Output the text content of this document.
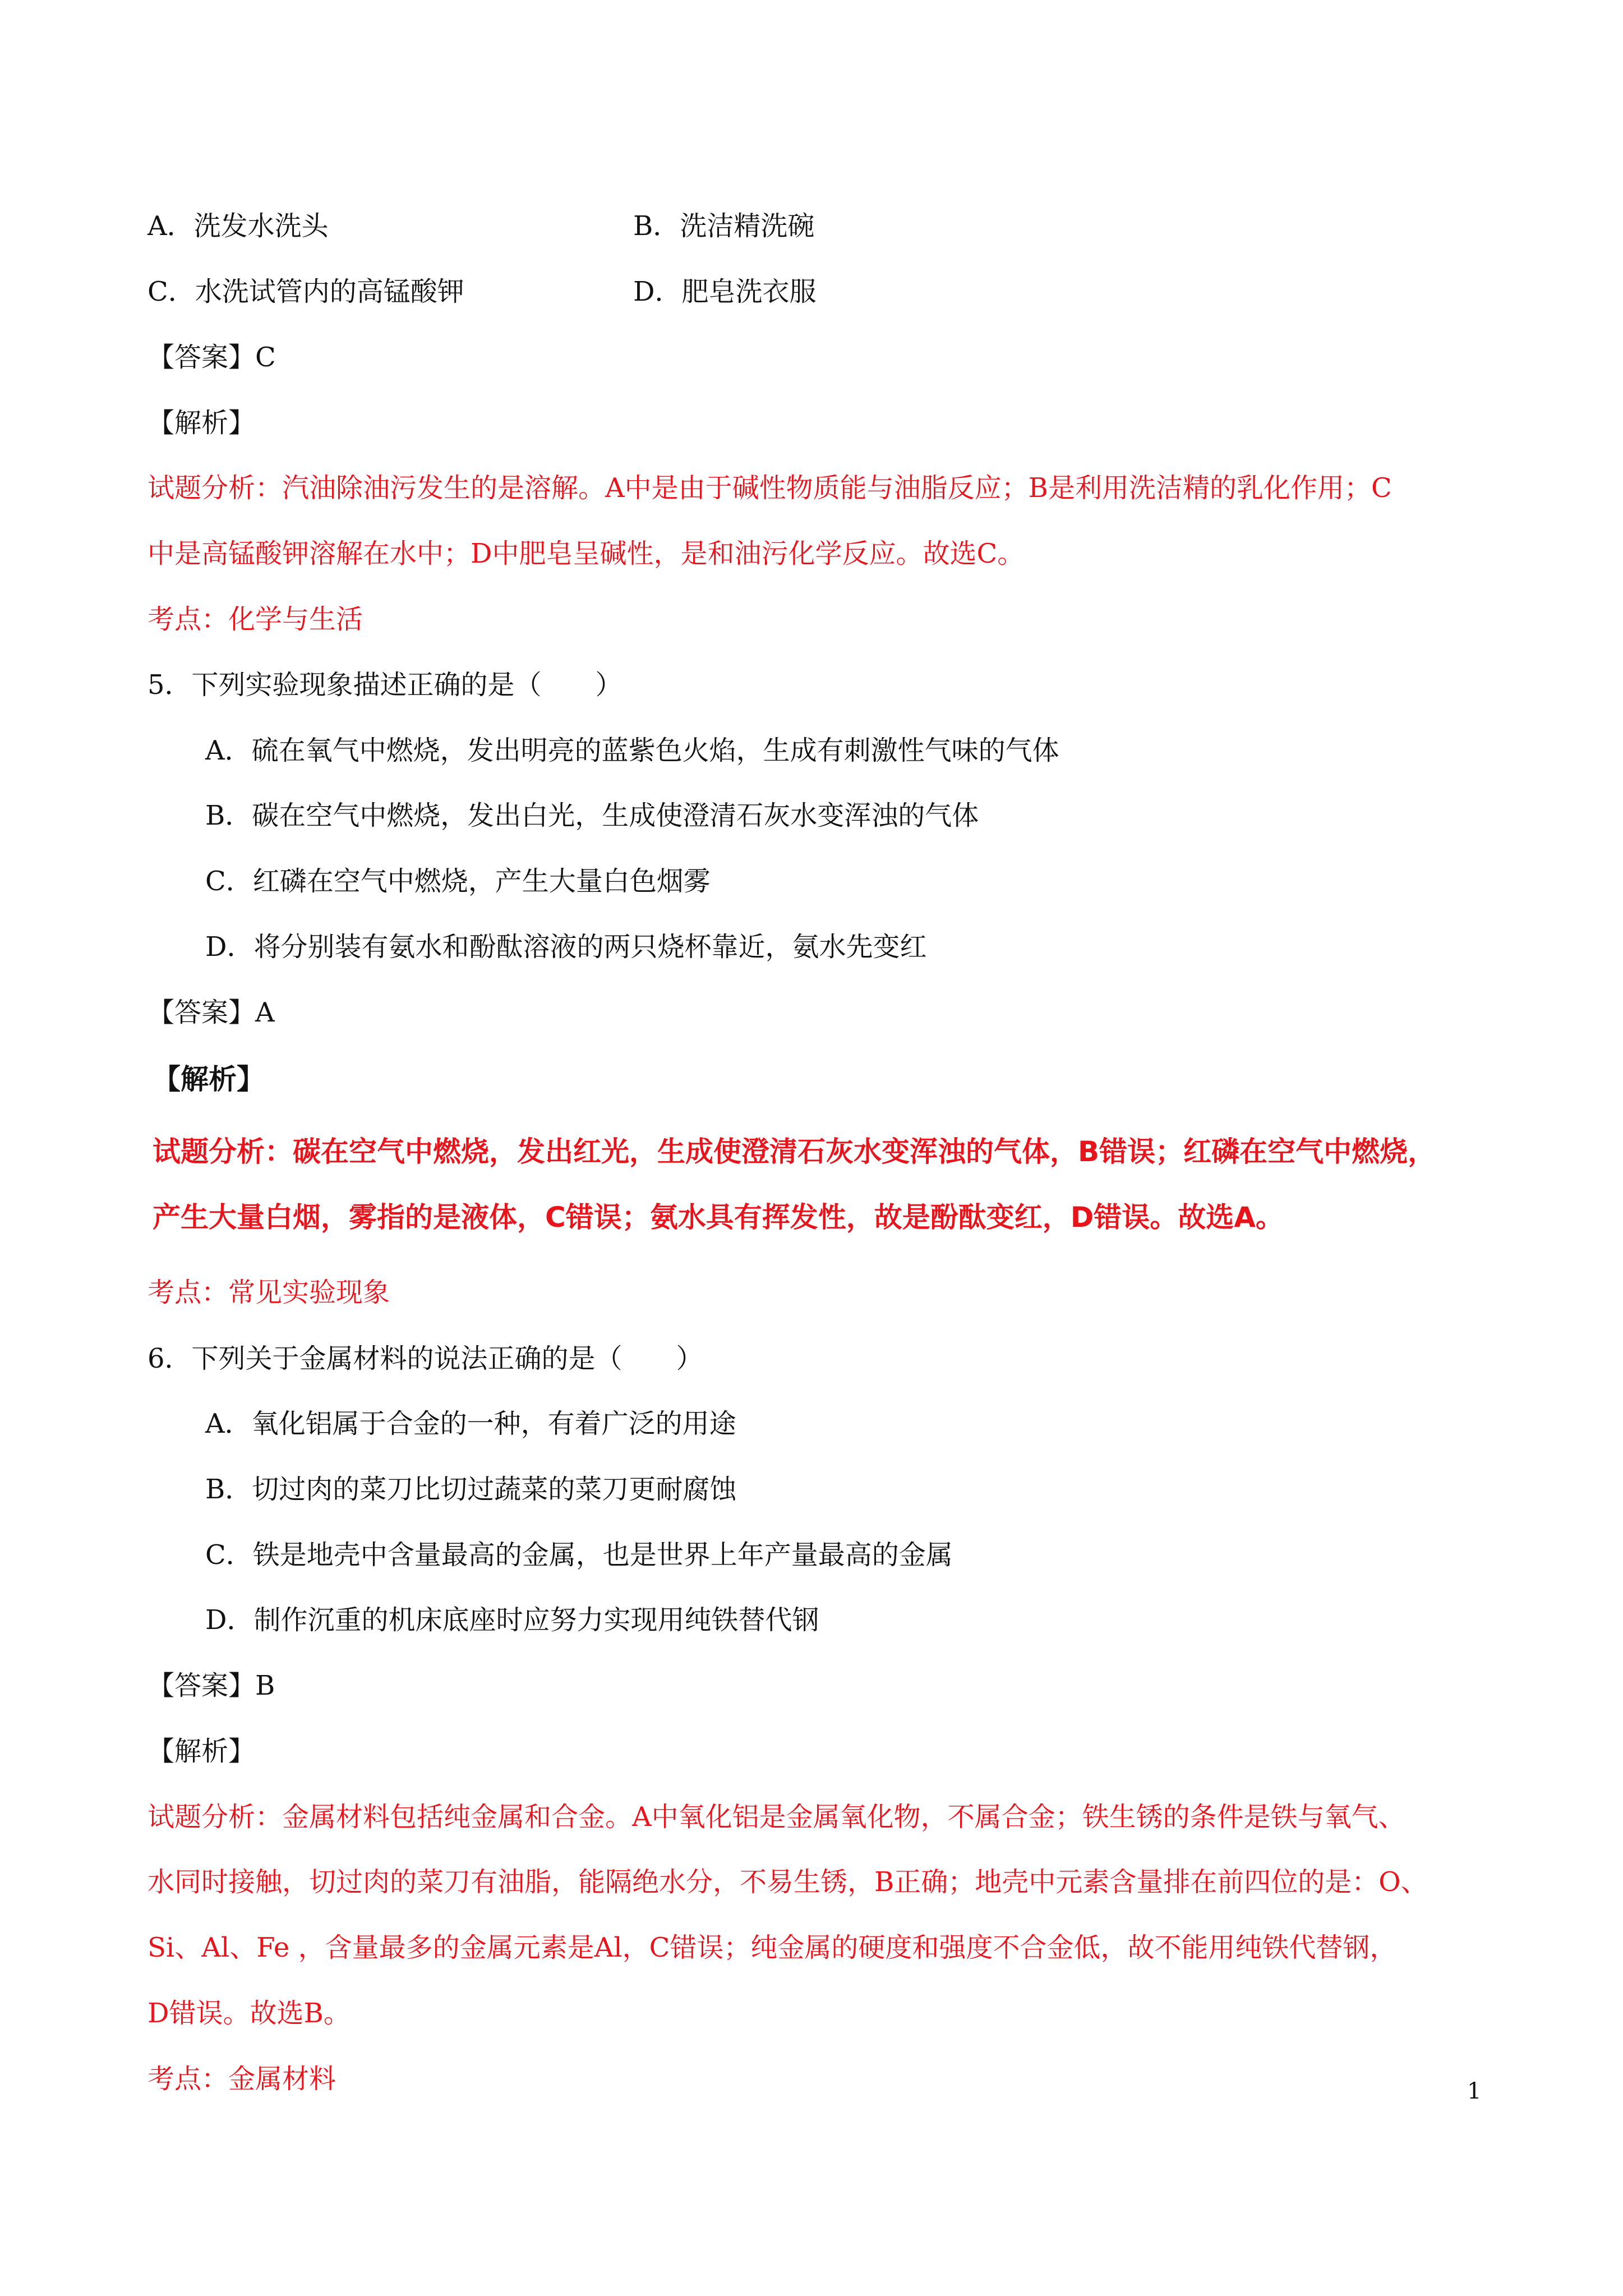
A．洗发水洗头	B．洗洁精洗碗
C．水洗试管内的高锰酸钾	D．肥皂洗衣服
【答案】C
【解析】
试题分析：汽油除油污发生的是溶解。A中是由于碱性物质能与油脂反应；B是利用洗洁精的乳化作用；C
中是高锰酸钾溶解在水中；D中肥皂呈碱性，是和油污化学反应。故选C。
考点：化学与生活
5．下列实验现象描述正确的是（　　）
A．硫在氧气中燃烧，发出明亮的蓝紫色火焰，生成有刺激性气味的气体
B．碳在空气中燃烧，发出白光，生成使澄清石灰水变浑浊的气体
C．红磷在空气中燃烧，产生大量白色烟雾
D．将分别装有氨水和酚酞溶液的两只烧杯靠近，氨水先变红
【答案】A
【解析】
试题分析：碳在空气中燃烧，发出红光，生成使澄清石灰水变浑浊的气体，B错误；红磷在空气中燃烧，
产生大量白烟，雾指的是液体，C错误；氨水具有挥发性，故是酚酞变红，D错误。故选A。
考点：常见实验现象
6．下列关于金属材料的说法正确的是（　　）
A．氧化铝属于合金的一种，有着广泛的用途
B．切过肉的菜刀比切过蔬菜的菜刀更耐腐蚀
C．铁是地壳中含量最高的金属，也是世界上年产量最高的金属
D．制作沉重的机床底座时应努力实现用纯铁替代钢
【答案】B
【解析】
试题分析：金属材料包括纯金属和合金。A中氧化铝是金属氧化物，不属合金；铁生锈的条件是铁与氧气、
水同时接触，切过肉的菜刀有油脂，能隔绝水分，不易生锈，B正确；地壳中元素含量排在前四位的是：O、
Si、Al、Fe ，含量最多的金属元素是Al，C错误；纯金属的硬度和强度不合金低，故不能用纯铁代替钢，
D错误。故选B。
考点：金属材料	1
